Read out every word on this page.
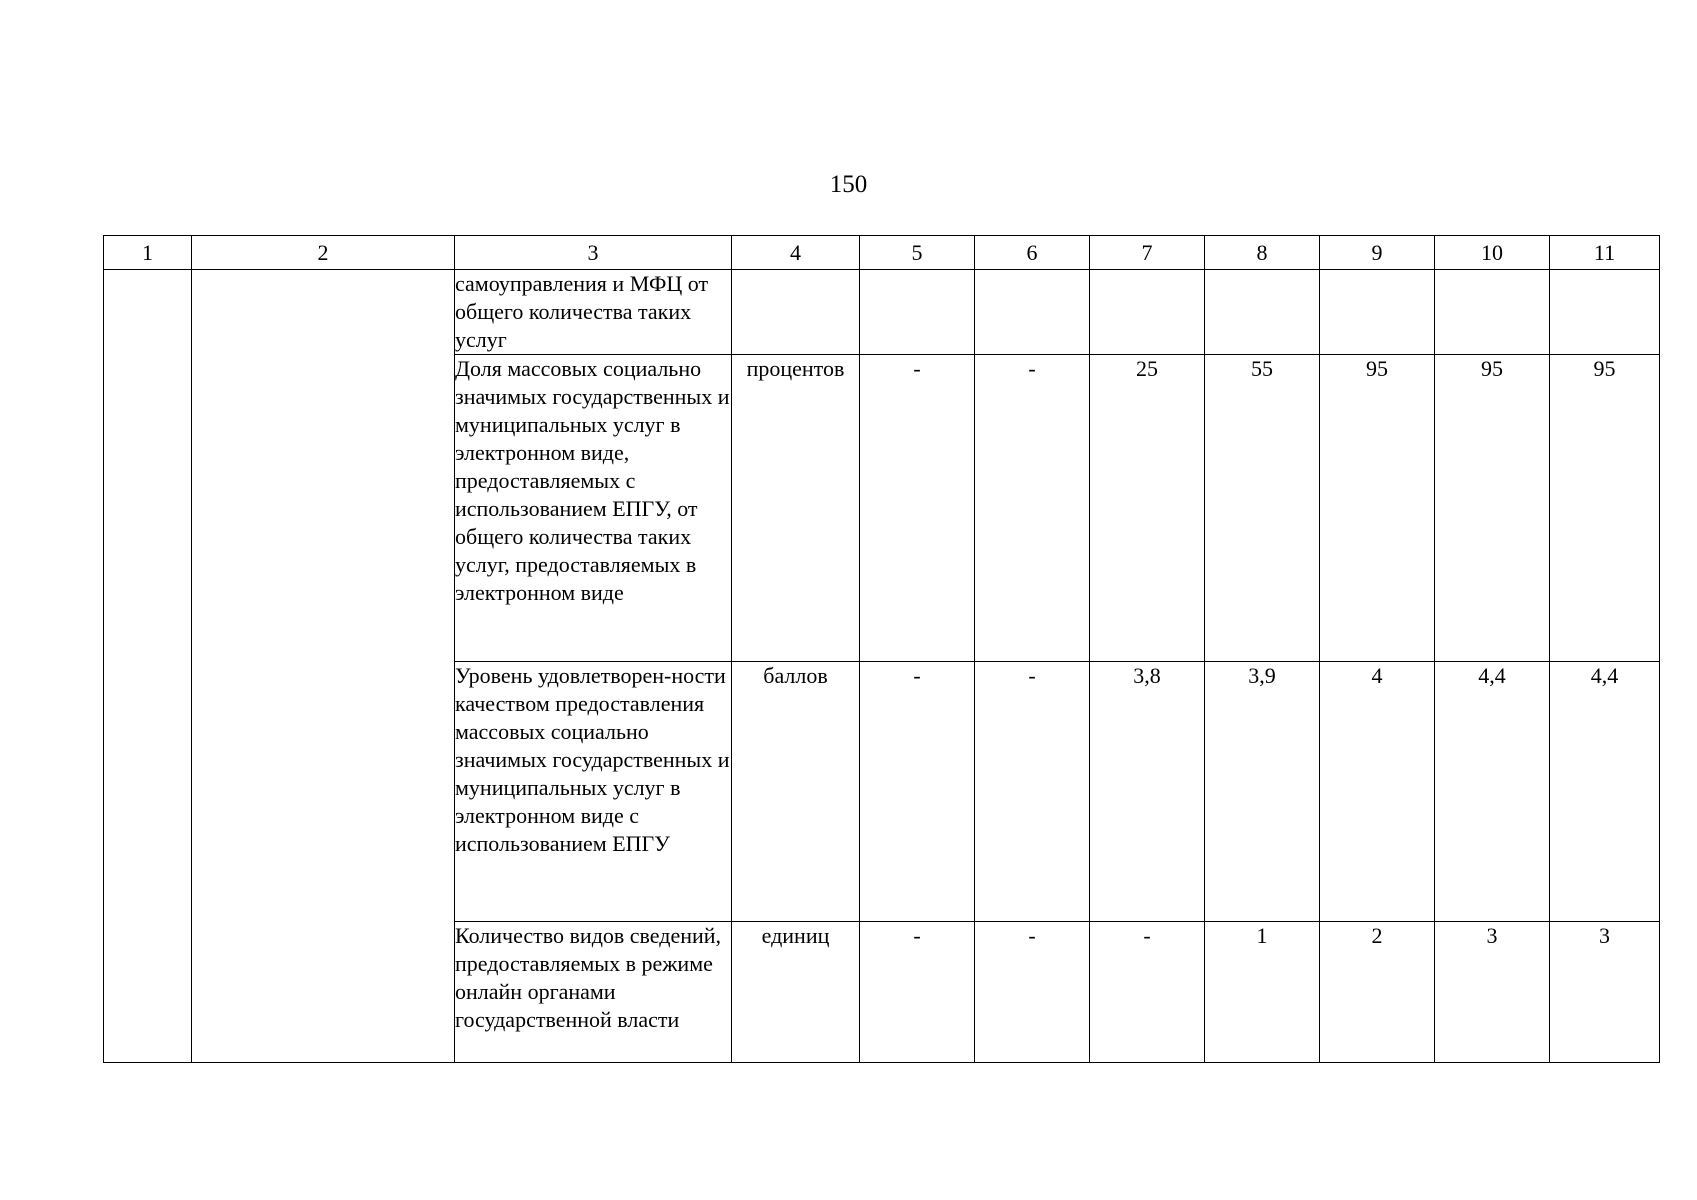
150
1	2	3	4	5	6	7	8	9	10	11
		самоуправления и МФЦ от общего количества таких услуг								
		Доля массовых социально значимых государственных и муниципальных услуг в электронном виде, предоставляемых с использованием ЕПГУ, от общего количества таких услуг, предоставляемых в электронном виде	процентов	-	-	25	55	95	95	95
		Уровень удовлетворен-ности качеством предоставления массовых социально значимых государственных и муниципальных услуг в электронном виде с использованием ЕПГУ	баллов	-	-	3,8	3,9	4	4,4	4,4
		Количество видов сведений, предоставляемых в режиме онлайн органами государственной власти	единиц	-	-	-	1	2	3	3
